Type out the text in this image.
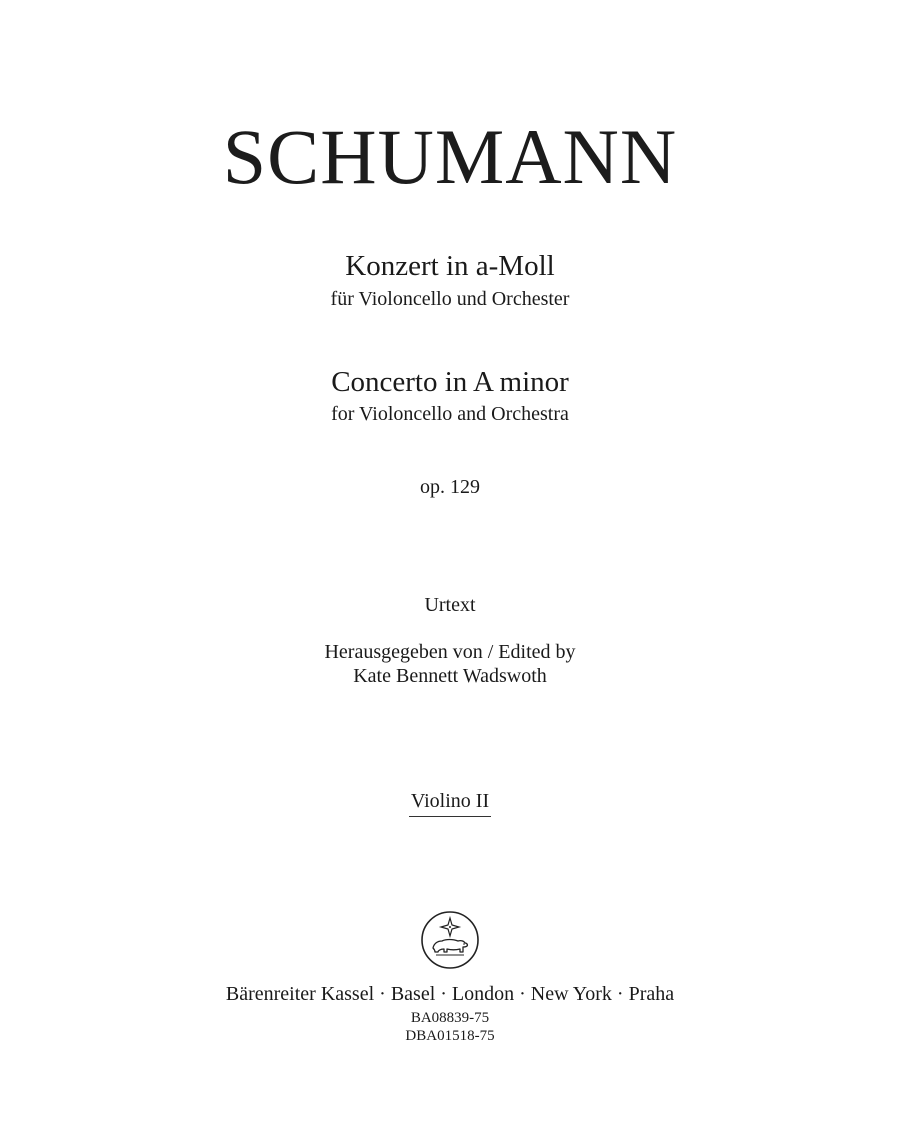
SCHUMANN
Konzert in a-Moll
für Violoncello und Orchester
Concerto in A minor
for Violoncello and Orchestra
op. 129
Urtext
Herausgegeben von / Edited by
Kate Bennett Wadswoth
Violino II
Bärenreiter Kassel · Basel · London · New York · Praha
BA08839-75
DBA01518-75
